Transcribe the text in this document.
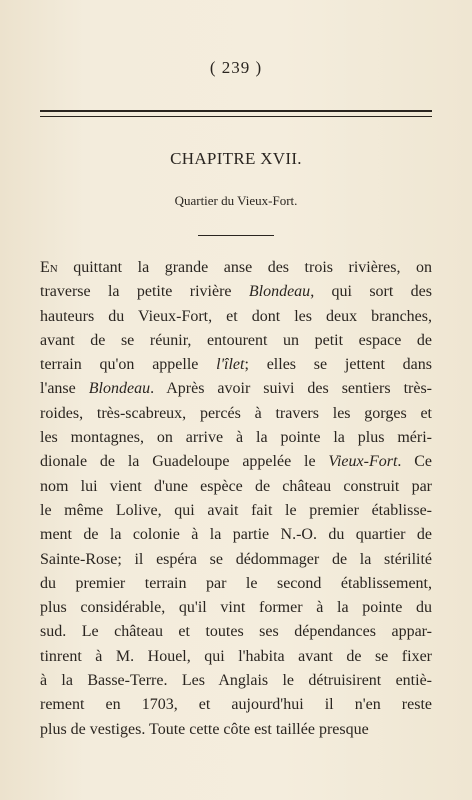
( 239 )
CHAPITRE XVII.
Quartier du Vieux-Fort.
En quittant la grande anse des trois rivières, on
traverse la petite rivière Blondeau, qui sort des
hauteurs du Vieux-Fort, et dont les deux branches,
avant de se réunir, entourent un petit espace de
terrain qu'on appelle l'îlet; elles se jettent dans
l'anse Blondeau. Après avoir suivi des sentiers très-
roides, très-scabreux, percés à travers les gorges et
les montagnes, on arrive à la pointe la plus méri-
dionale de la Guadeloupe appelée le Vieux-Fort. Ce
nom lui vient d'une espèce de château construit par
le même Lolive, qui avait fait le premier établisse-
ment de la colonie à la partie N.-O. du quartier de
Sainte-Rose; il espéra se dédommager de la stérilité
du premier terrain par le second établissement,
plus considérable, qu'il vint former à la pointe du
sud. Le château et toutes ses dépendances appar-
tinrent à M. Houel, qui l'habita avant de se fixer
à la Basse-Terre. Les Anglais le détruisirent entiè-
rement en 1703, et aujourd'hui il n'en reste
plus de vestiges. Toute cette côte est taillée presque
